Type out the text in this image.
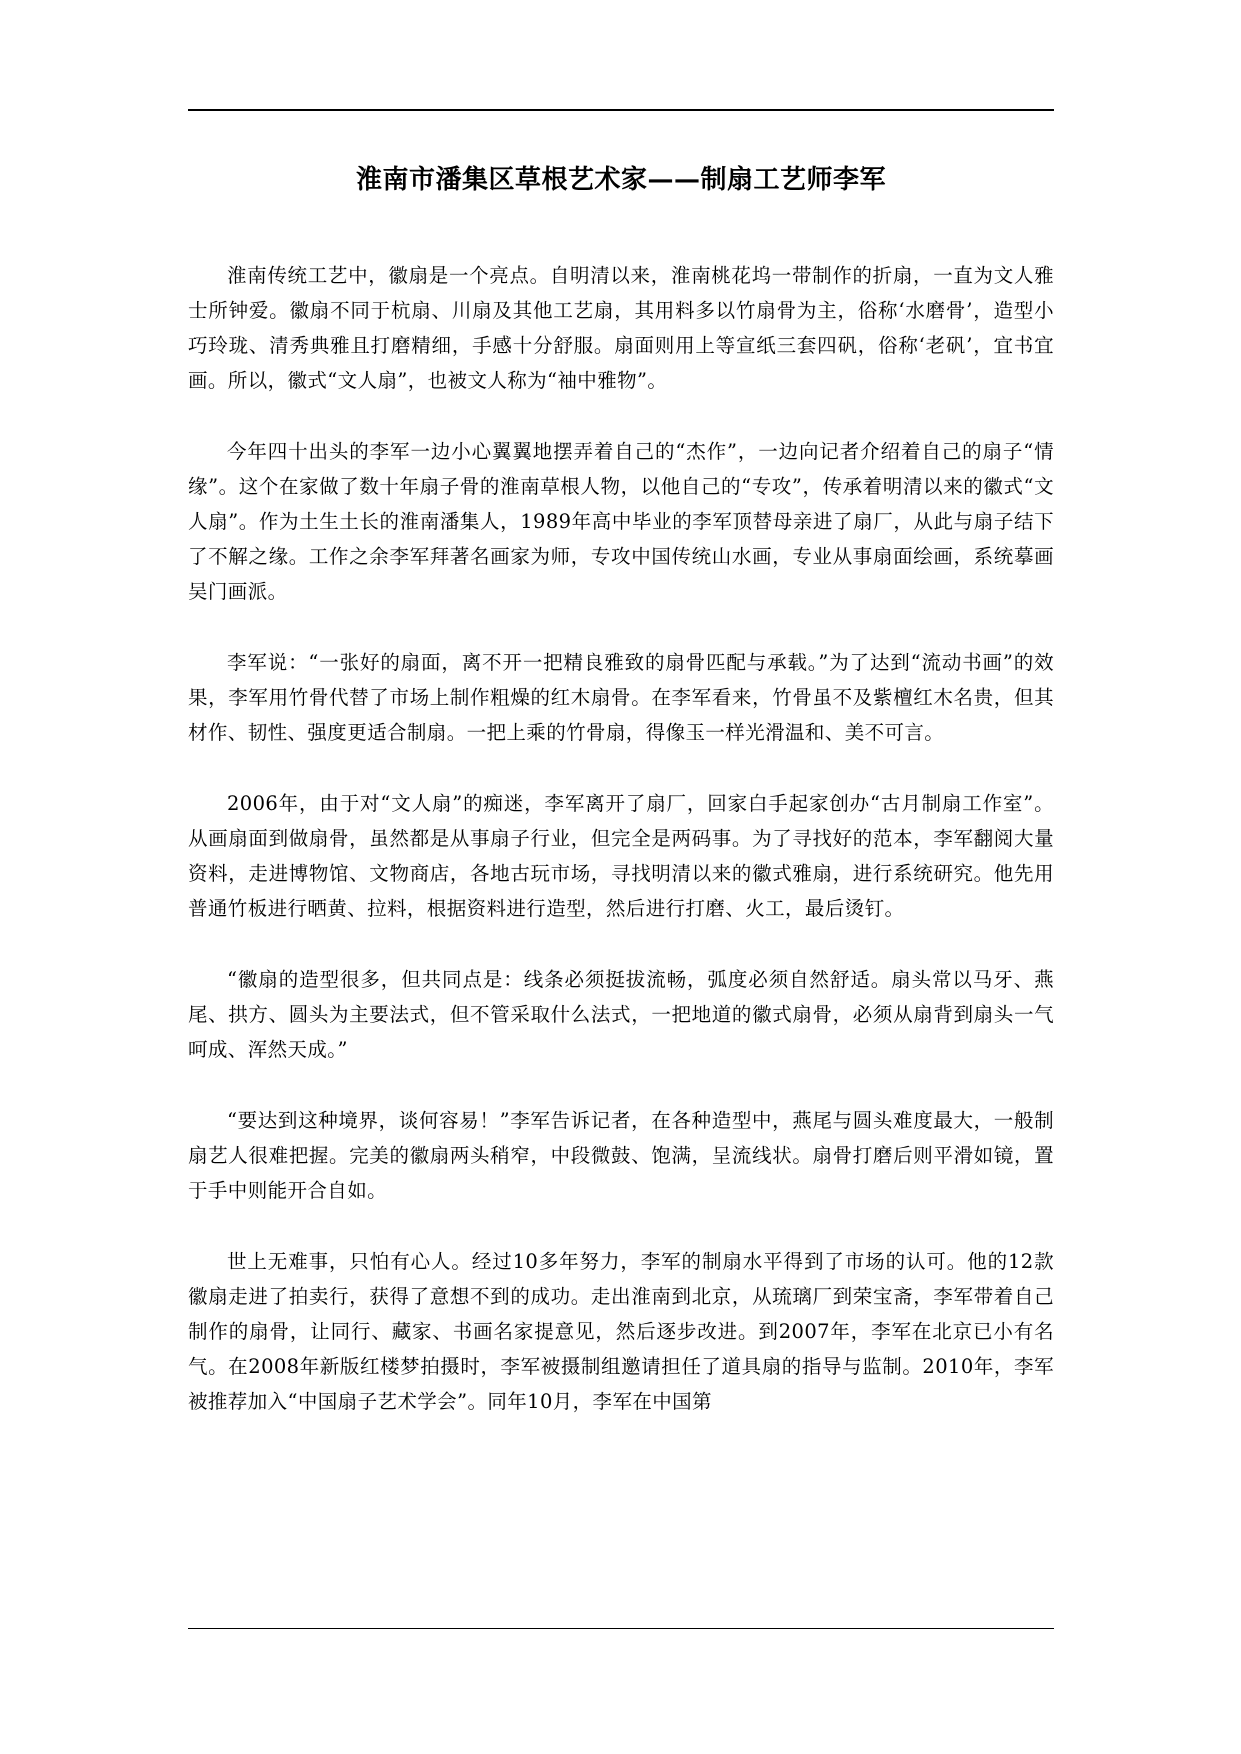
淮南市潘集区草根艺术家——制扇工艺师李军

淮南传统工艺中，徽扇是一个亮点。自明清以来，淮南桃花坞一带制作的折扇，一直为文人雅士所钟爱。徽扇不同于杭扇、川扇及其他工艺扇，其用料多以竹扇骨为主，俗称‘水磨骨’，造型小巧玲珑、清秀典雅且打磨精细，手感十分舒服。扇面则用上等宣纸三套四矾，俗称‘老矾’，宜书宜画。所以，徽式“文人扇”，也被文人称为“袖中雅物”。

今年四十出头的李军一边小心翼翼地摆弄着自己的“杰作”，一边向记者介绍着自己的扇子“情缘”。这个在家做了数十年扇子骨的淮南草根人物，以他自己的“专攻”，传承着明清以来的徽式“文人扇”。作为土生土长的淮南潘集人，1989年高中毕业的李军顶替母亲进了扇厂，从此与扇子结下了不解之缘。工作之余李军拜著名画家为师，专攻中国传统山水画，专业从事扇面绘画，系统摹画吴门画派。

李军说：“一张好的扇面，离不开一把精良雅致的扇骨匹配与承载。”为了达到“流动书画”的效果，李军用竹骨代替了市场上制作粗燥的红木扇骨。在李军看来，竹骨虽不及紫檀红木名贵，但其材作、韧性、强度更适合制扇。一把上乘的竹骨扇，得像玉一样光滑温和、美不可言。

2006年，由于对“文人扇”的痴迷，李军离开了扇厂，回家白手起家创办“古月制扇工作室”。从画扇面到做扇骨，虽然都是从事扇子行业，但完全是两码事。为了寻找好的范本，李军翻阅大量资料，走进博物馆、文物商店，各地古玩市场，寻找明清以来的徽式雅扇，进行系统研究。他先用普通竹板进行晒黄、拉料，根据资料进行造型，然后进行打磨、火工，最后烫钉。

“徽扇的造型很多，但共同点是：线条必须挺拔流畅，弧度必须自然舒适。扇头常以马牙、燕尾、拱方、圆头为主要法式，但不管采取什么法式，一把地道的徽式扇骨，必须从扇背到扇头一气呵成、浑然天成。”

“要达到这种境界，谈何容易！”李军告诉记者，在各种造型中，燕尾与圆头难度最大，一般制扇艺人很难把握。完美的徽扇两头稍窄，中段微鼓、饱满，呈流线状。扇骨打磨后则平滑如镜，置于手中则能开合自如。

世上无难事，只怕有心人。经过10多年努力，李军的制扇水平得到了市场的认可。他的12款徽扇走进了拍卖行，获得了意想不到的成功。走出淮南到北京，从琉璃厂到荣宝斋，李军带着自己制作的扇骨，让同行、藏家、书画名家提意见，然后逐步改进。到2007年，李军在北京已小有名气。在2008年新版红楼梦拍摄时，李军被摄制组邀请担任了道具扇的指导与监制。2010年，李军被推荐加入“中国扇子艺术学会”。同年10月，李军在中国第
